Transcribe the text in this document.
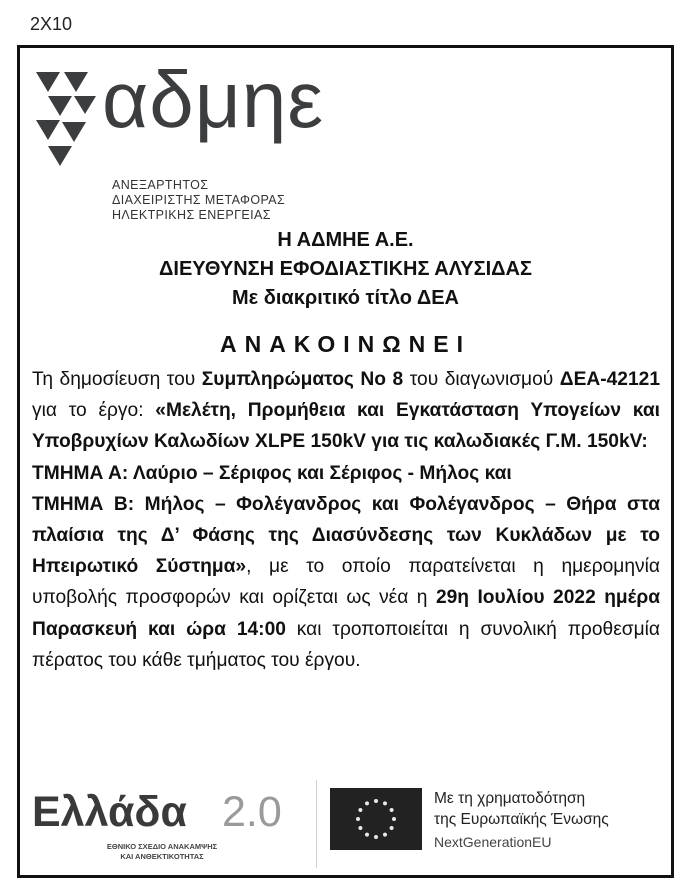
2X10
αδμηε
ΑΝΕΞΑΡΤΗΤΟΣ
ΔΙΑΧΕΙΡΙΣΤΗΣ ΜΕΤΑΦΟΡΑΣ
ΗΛΕΚΤΡΙΚΗΣ ΕΝΕΡΓΕΙΑΣ
Η ΑΔΜΗΕ Α.Ε.
ΔΙΕΥΘΥΝΣΗ ΕΦΟΔΙΑΣΤΙΚΗΣ ΑΛΥΣΙΔΑΣ
Με διακριτικό τίτλο ΔΕΑ
ΑΝΑΚΟΙΝΩΝΕΙ
Τη δημοσίευση του Συμπληρώματος Νο 8 του διαγωνισμού ΔΕΑ-42121 για το έργο: «Μελέτη, Προμήθεια και Εγκατάσταση Υπογείων και Υποβρυχίων Καλωδίων XLPE 150kV για τις καλωδιακές Γ.Μ. 150kV:
ΤΜΗΜΑ Α: Λαύριο – Σέριφος και Σέριφος - Μήλος και
ΤΜΗΜΑ Β: Μήλος – Φολέγανδρος και Φολέγανδρος – Θήρα στα πλαίσια της Δ’ Φάσης της Διασύνδεσης των Κυκλάδων με το Ηπειρωτικό Σύστημα», με το οποίο παρατείνεται η ημερομηνία υποβολής προσφορών και ορίζεται ως νέα η 29η Ιουλίου 2022 ημέρα Παρασκευή και ώρα 14:00 και τροποποιείται η συνολική προθεσμία πέρατος του κάθε τμήματος του έργου.
Ελλάδα 2.0
ΕΘΝΙΚΟ ΣΧΕΔΙΟ ΑΝΑΚΑΜΨΗΣ
ΚΑΙ ΑΝΘΕΚΤΙΚΟΤΗΤΑΣ
Με τη χρηματοδότηση
της Ευρωπαϊκής Ένωσης
NextGenerationEU
